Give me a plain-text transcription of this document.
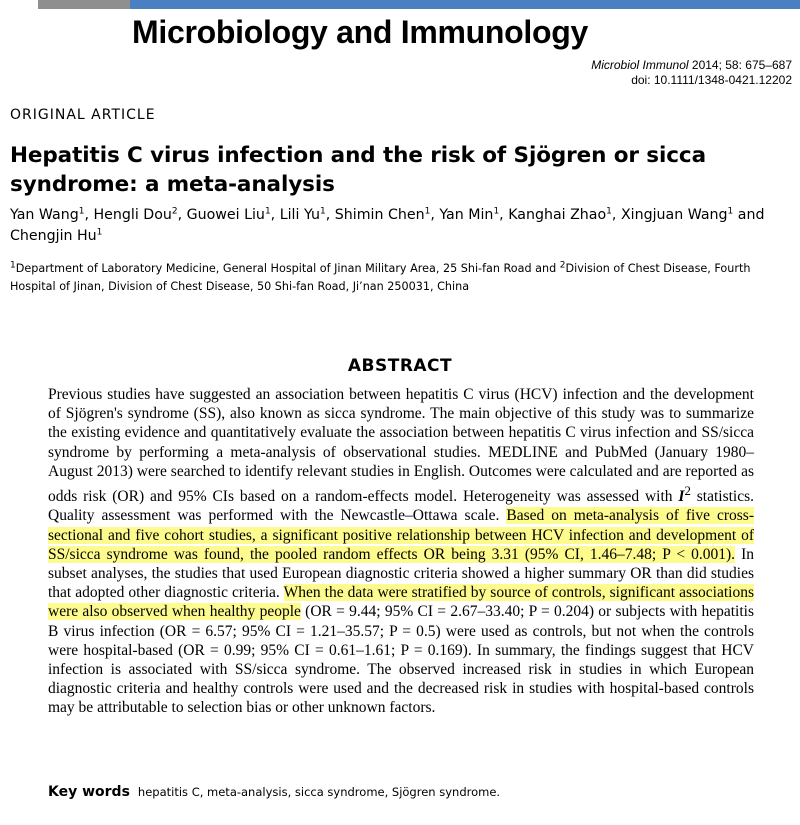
Microbiology and Immunology
Microbiol Immunol 2014; 58: 675–687
doi: 10.1111/1348-0421.12202
ORIGINAL ARTICLE
Hepatitis C virus infection and the risk of Sjögren or sicca syndrome: a meta-analysis
Yan Wang$^1$, Hengli Dou$^2$, Guowei Liu$^1$, Lili Yu$^1$, Shimin Chen$^1$, Yan Min$^1$, Kanghai Zhao$^1$, Xingjuan Wang$^1$ and Chengjin Hu$^1$
$^1$Department of Laboratory Medicine, General Hospital of Jinan Military Area, 25 Shi-fan Road and $^2$Division of Chest Disease, Fourth Hospital of Jinan, Division of Chest Disease, 50 Shi-fan Road, Ji’nan 250031, China
ABSTRACT
Previous studies have suggested an association between hepatitis C virus (HCV) infection and the development of Sjögren's syndrome (SS), also known as sicca syndrome. The main objective of this study was to summarize the existing evidence and quantitatively evaluate the association between hepatitis C virus infection and SS/sicca syndrome by performing a meta-analysis of observational studies. MEDLINE and PubMed (January 1980–August 2013) were searched to identify relevant studies in English. Outcomes were calculated and are reported as odds risk (OR) and 95% CIs based on a random-effects model. Heterogeneity was assessed with $I^2$ statistics. Quality assessment was performed with the Newcastle–Ottawa scale. Based on meta-analysis of five cross-sectional and five cohort studies, a significant positive relationship between HCV infection and development of SS/sicca syndrome was found, the pooled random effects OR being 3.31 (95% CI, 1.46–7.48; P < 0.001). In subset analyses, the studies that used European diagnostic criteria showed a higher summary OR than did studies that adopted other diagnostic criteria. When the data were stratified by source of controls, significant associations were also observed when healthy people (OR = 9.44; 95% CI = 2.67–33.40; P = 0.204) or subjects with hepatitis B virus infection (OR = 6.57; 95% CI = 1.21–35.57; P = 0.5) were used as controls, but not when the controls were hospital-based (OR = 0.99; 95% CI = 0.61–1.61; P = 0.169). In summary, the findings suggest that HCV infection is associated with SS/sicca syndrome. The observed increased risk in studies in which European diagnostic criteria and healthy controls were used and the decreased risk in studies with hospital-based controls may be attributable to selection bias or other unknown factors.
Key words hepatitis C, meta-analysis, sicca syndrome, Sjögren syndrome.
